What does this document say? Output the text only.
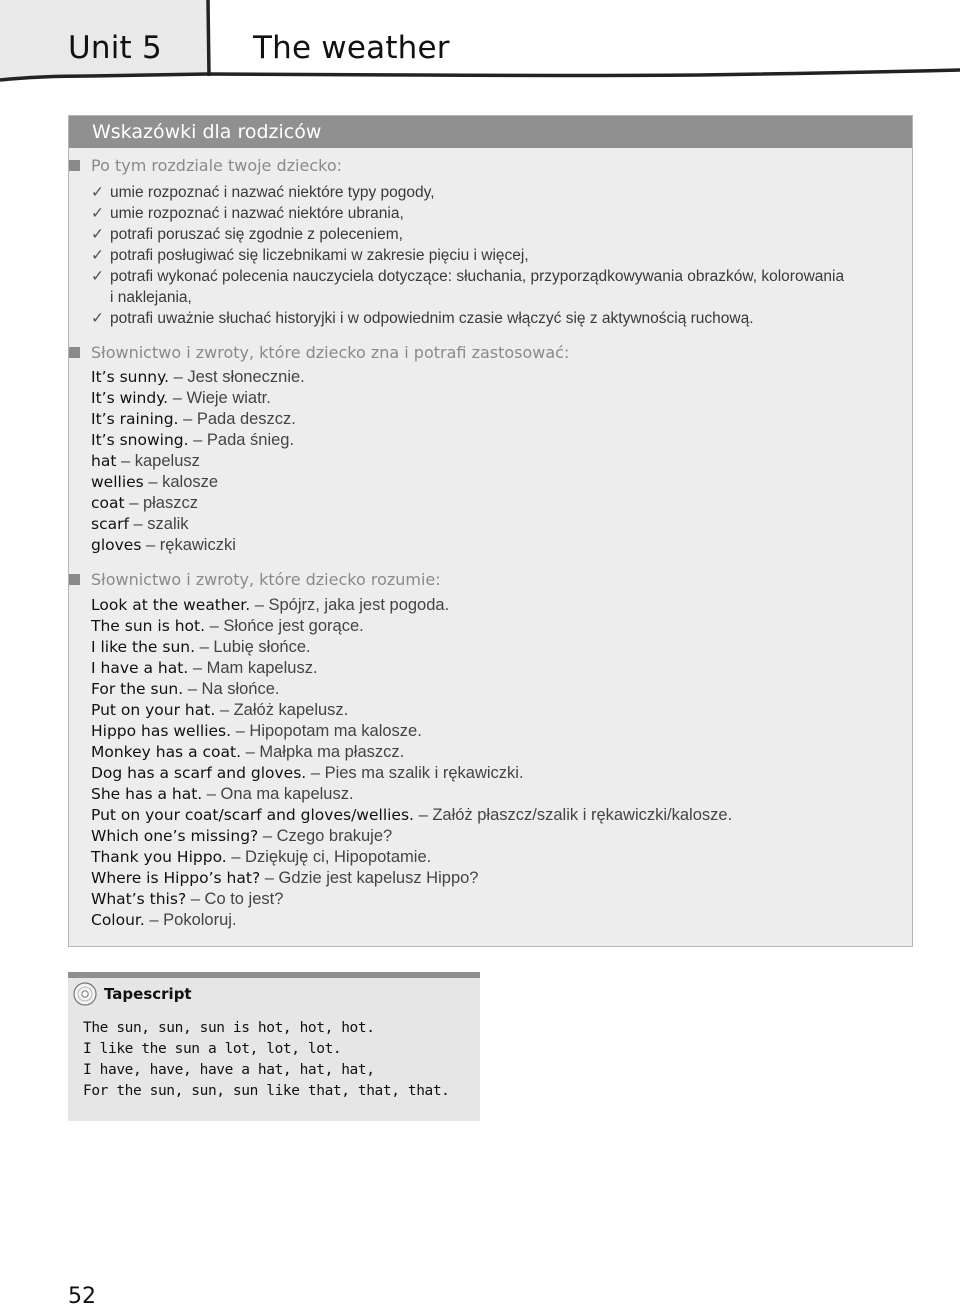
Unit 5	The weather
Wskazówki dla rodziców
Po tym rozdziale twoje dziecko:
✓ umie rozpoznać i nazwać niektóre typy pogody,
✓ umie rozpoznać i nazwać niektóre ubrania,
✓ potrafi poruszać się zgodnie z poleceniem,
✓ potrafi posługiwać się liczebnikami w zakresie pięciu i więcej,
✓ potrafi wykonać polecenia nauczyciela dotyczące: słuchania, przyporządkowywania obrazków, kolorowania i naklejania,
✓ potrafi uważnie słuchać historyjki i w odpowiednim czasie włączyć się z aktywnością ruchową.
Słownictwo i zwroty, które dziecko zna i potrafi zastosować:
It’s sunny. – Jest słonecznie.
It’s windy. – Wieje wiatr.
It’s raining. – Pada deszcz.
It’s snowing. – Pada śnieg.
hat – kapelusz
wellies – kalosze
coat – płaszcz
scarf – szalik
gloves – rękawiczki
Słownictwo i zwroty, które dziecko rozumie:
Look at the weather. – Spójrz, jaka jest pogoda.
The sun is hot. – Słońce jest gorące.
I like the sun. – Lubię słońce.
I have a hat. – Mam kapelusz.
For the sun. – Na słońce.
Put on your hat. – Załóż kapelusz.
Hippo has wellies. – Hipopotam ma kalosze.
Monkey has a coat. – Małpka ma płaszcz.
Dog has a scarf and gloves. – Pies ma szalik i rękawiczki.
She has a hat. – Ona ma kapelusz.
Put on your coat/scarf and gloves/wellies. – Załóż płaszcz/szalik i rękawiczki/kalosze.
Which one’s missing? – Czego brakuje?
Thank you Hippo. – Dziękuję ci, Hipopotamie.
Where is Hippo’s hat? – Gdzie jest kapelusz Hippo?
What’s this? – Co to jest?
Colour. – Pokoloruj.
Tapescript
The sun, sun, sun is hot, hot, hot.
I like the sun a lot, lot, lot.
I have, have, have a hat, hat, hat,
For the sun, sun, sun like that, that, that.
52
